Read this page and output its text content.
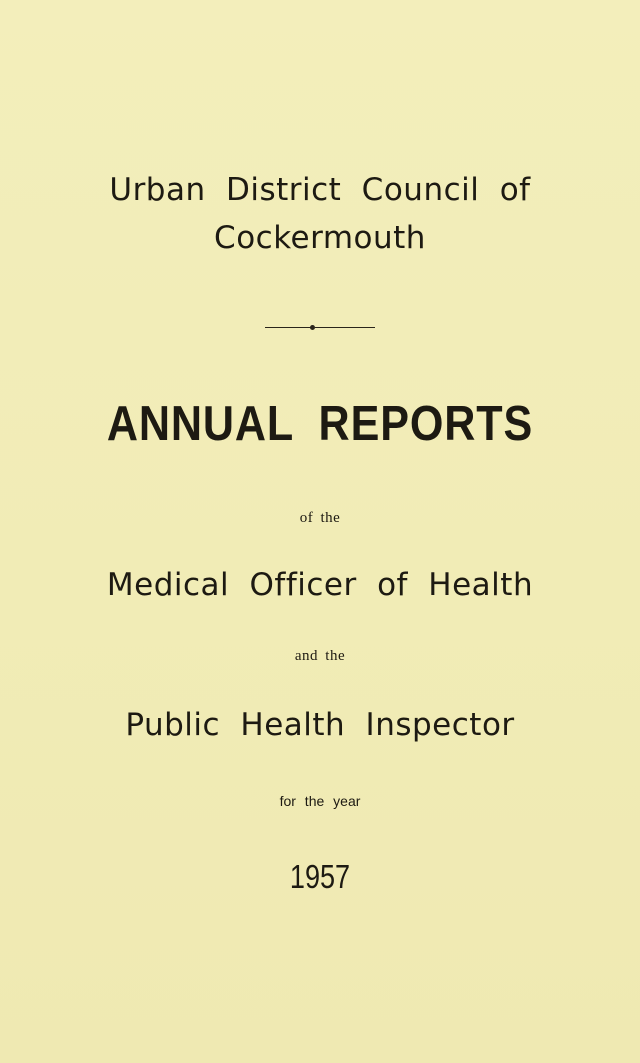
Urban District Council of
Cockermouth
ANNUAL REPORTS
of the
Medical Officer of Health
and the
Public Health Inspector
for the year
1957
